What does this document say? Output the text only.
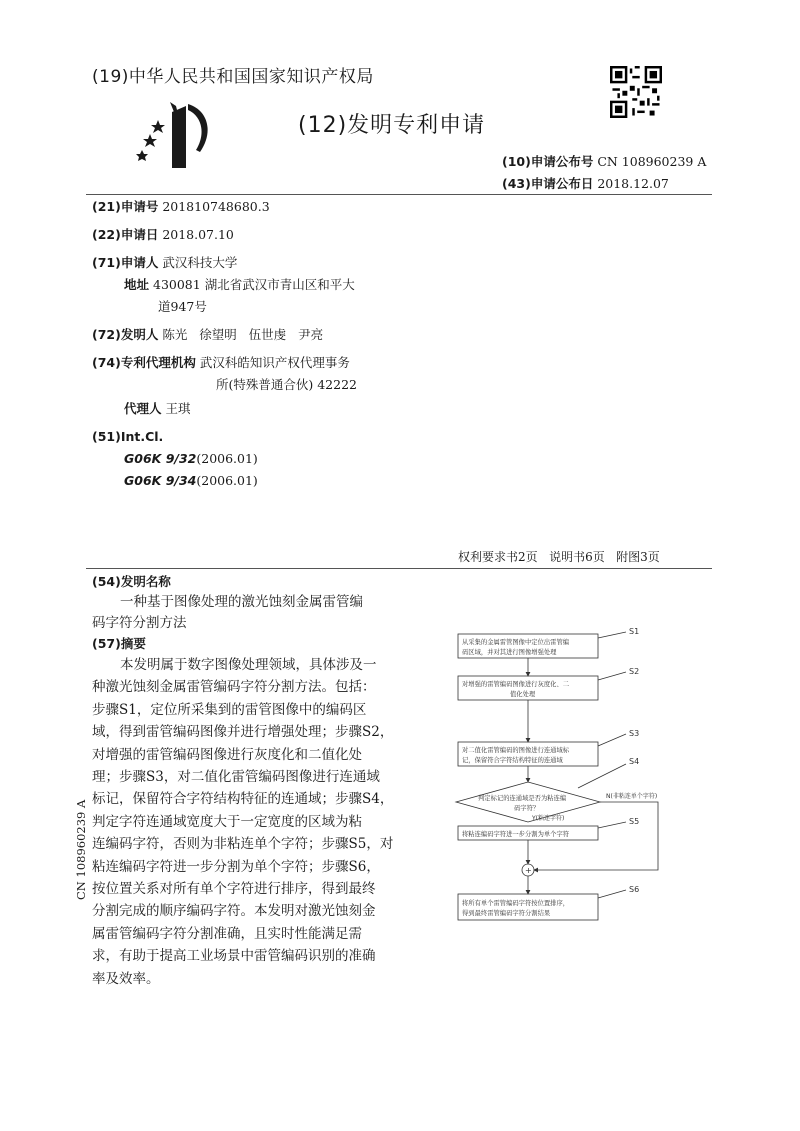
(19)中华人民共和国国家知识产权局
(12)发明专利申请
(10)申请公布号 CN 108960239 A
(43)申请公布日 2018.12.07
(21)申请号 201810748680.3
(22)申请日 2018.07.10
(71)申请人 武汉科技大学
地址 430081 湖北省武汉市青山区和平大
道947号
(72)发明人 陈光   徐望明   伍世虔   尹亮
(74)专利代理机构 武汉科皓知识产权代理事务
所(特殊普通合伙) 42222
代理人 王琪
(51)Int.Cl.
G06K 9/32(2006.01)
G06K 9/34(2006.01)
权利要求书2页   说明书6页   附图3页
(54)发明名称
一种基于图像处理的激光蚀刻金属雷管编
码字符分割方法
(57)摘要
本发明属于数字图像处理领域，具体涉及一
种激光蚀刻金属雷管编码字符分割方法。包括：
步骤S1，定位所采集到的雷管图像中的编码区
域，得到雷管编码图像并进行增强处理；步骤S2，
对增强的雷管编码图像进行灰度化和二值化处
理；步骤S3，对二值化雷管编码图像进行连通域
标记，保留符合字符结构特征的连通域；步骤S4，
判定字符连通域宽度大于一定宽度的区域为粘
连编码字符，否则为非粘连单个字符；步骤S5，对
粘连编码字符进一步分割为单个字符；步骤S6，
按位置关系对所有单个字符进行排序，得到最终
分割完成的顺序编码字符。本发明对激光蚀刻金
属雷管编码字符分割准确，且实时性能满足需
求，有助于提高工业场景中雷管编码识别的准确
率及效率。
CN 108960239 A
S1
S2
S3
S4
S5
S6
从采集的金属雷管图像中定位出雷管编
码区域，并对其进行图像增强处理
对增强的雷管编码图像进行灰度化、二
值化处理
对二值化雷管编码的图像进行连通域标
记，保留符合字符结构特征的连通域
判定标记的连通域是否为粘连编
码字符？
N(非粘连单个字符)
Y(粘连字符)
将粘连编码字符进一步分割为单个字符
+
将所有单个雷管编码字符按位置排序，
得到最终雷管编码字符分割结果
